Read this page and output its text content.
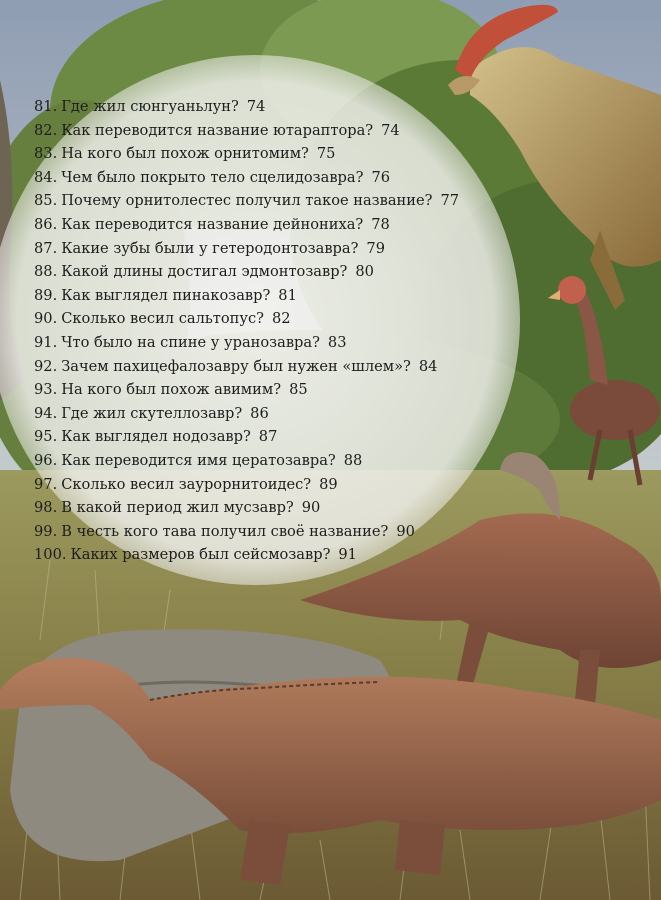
81. Где жил сюнгуаньлун? 74
82. Как переводится название ютараптора? 74
83. На кого был похож орнитомим? 75
84. Чем было покрыто тело сцелидозавра? 76
85. Почему орнитолестес получил такое название? 77
86. Как переводится название дейнониха? 78
87. Какие зубы были у гетеродонтозавра? 79
88. Какой длины достигал эдмонтозавр? 80
89. Как выглядел пинакозавр? 81
90. Сколько весил сальтопус? 82
91. Что было на спине у уранозавра? 83
92. Зачем пахицефалозавру был нужен «шлем»? 84
93. На кого был похож авимим? 85
94. Где жил скутеллозавр? 86
95. Как выглядел нодозавр? 87
96. Как переводится имя цератозавра? 88
97. Сколько весил заурорнитоидес? 89
98. В какой период жил мусзавр? 90
99. В честь кого тава получил своё название? 90
100. Каких размеров был сейсмозавр? 91
